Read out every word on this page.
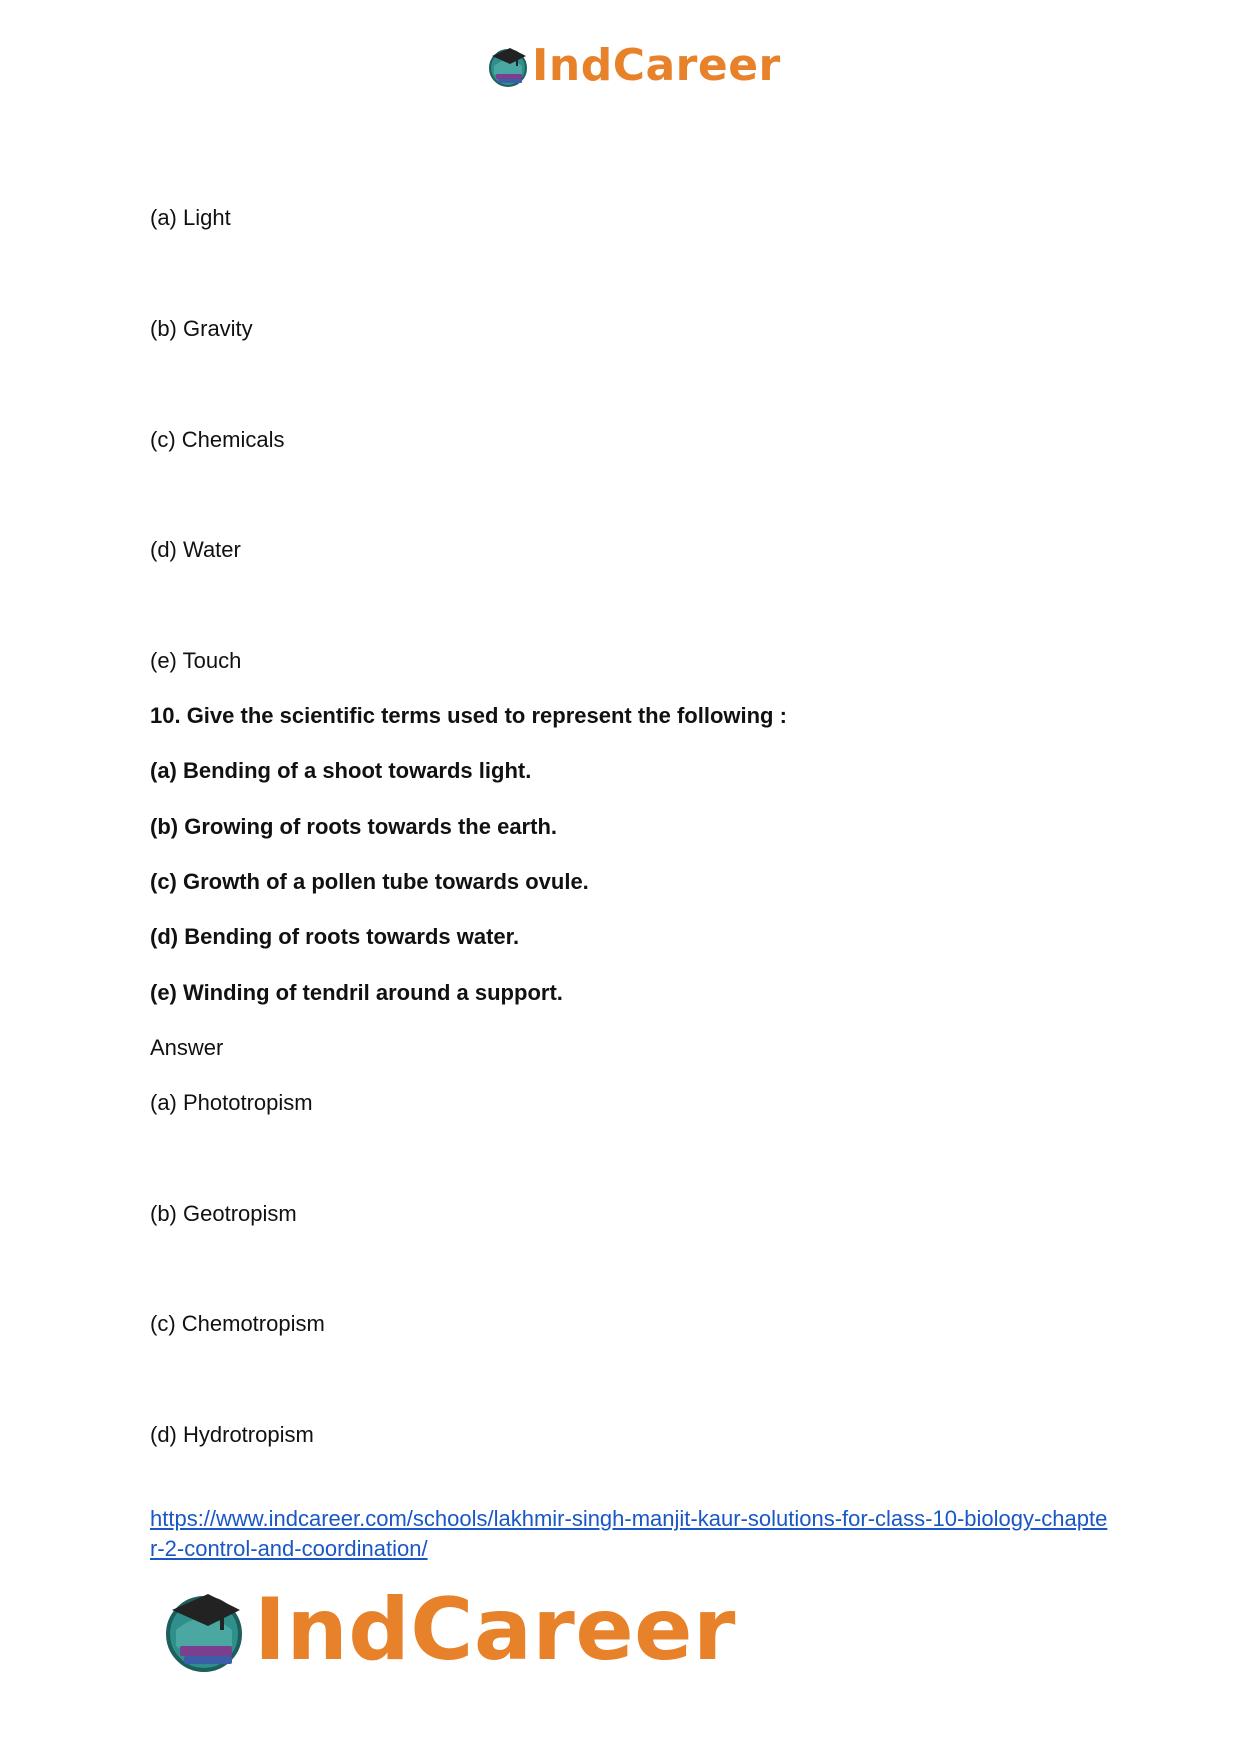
IndCareer
(a) Light
(b) Gravity
(c) Chemicals
(d) Water
(e) Touch
10. Give the scientific terms used to represent the following :
(a) Bending of a shoot towards light.
(b) Growing of roots towards the earth.
(c) Growth of a pollen tube towards ovule.
(d) Bending of roots towards water.
(e) Winding of tendril around a support.
Answer
(a) Phototropism
(b) Geotropism
(c) Chemotropism
(d) Hydrotropism
https://www.indcareer.com/schools/lakhmir-singh-manjit-kaur-solutions-for-class-10-biology-chapter-2-control-and-coordination/
IndCareer
